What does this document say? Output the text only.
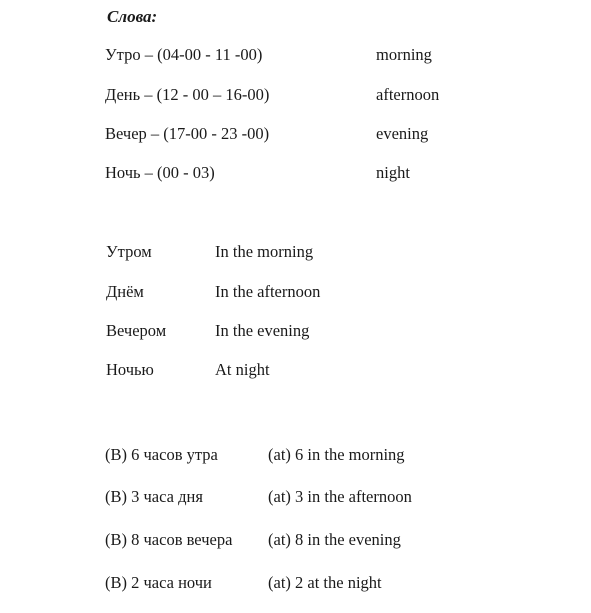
Слова:
Утро – (04-00 - 11 -00)	morning
День – (12 - 00 – 16-00)	afternoon
Вечер – (17-00 - 23 -00)	evening
Ночь – (00 - 03)	night
Утром	In the morning
Днём	In the afternoon
Вечером	In the evening
Ночью	At night
(В) 6 часов утра	(at) 6 in the morning
(В) 3 часа дня	(at) 3 in the afternoon
(В) 8 часов вечера (at) 8 in the evening
(В) 2 часа ночи	(at) 2 at the night
